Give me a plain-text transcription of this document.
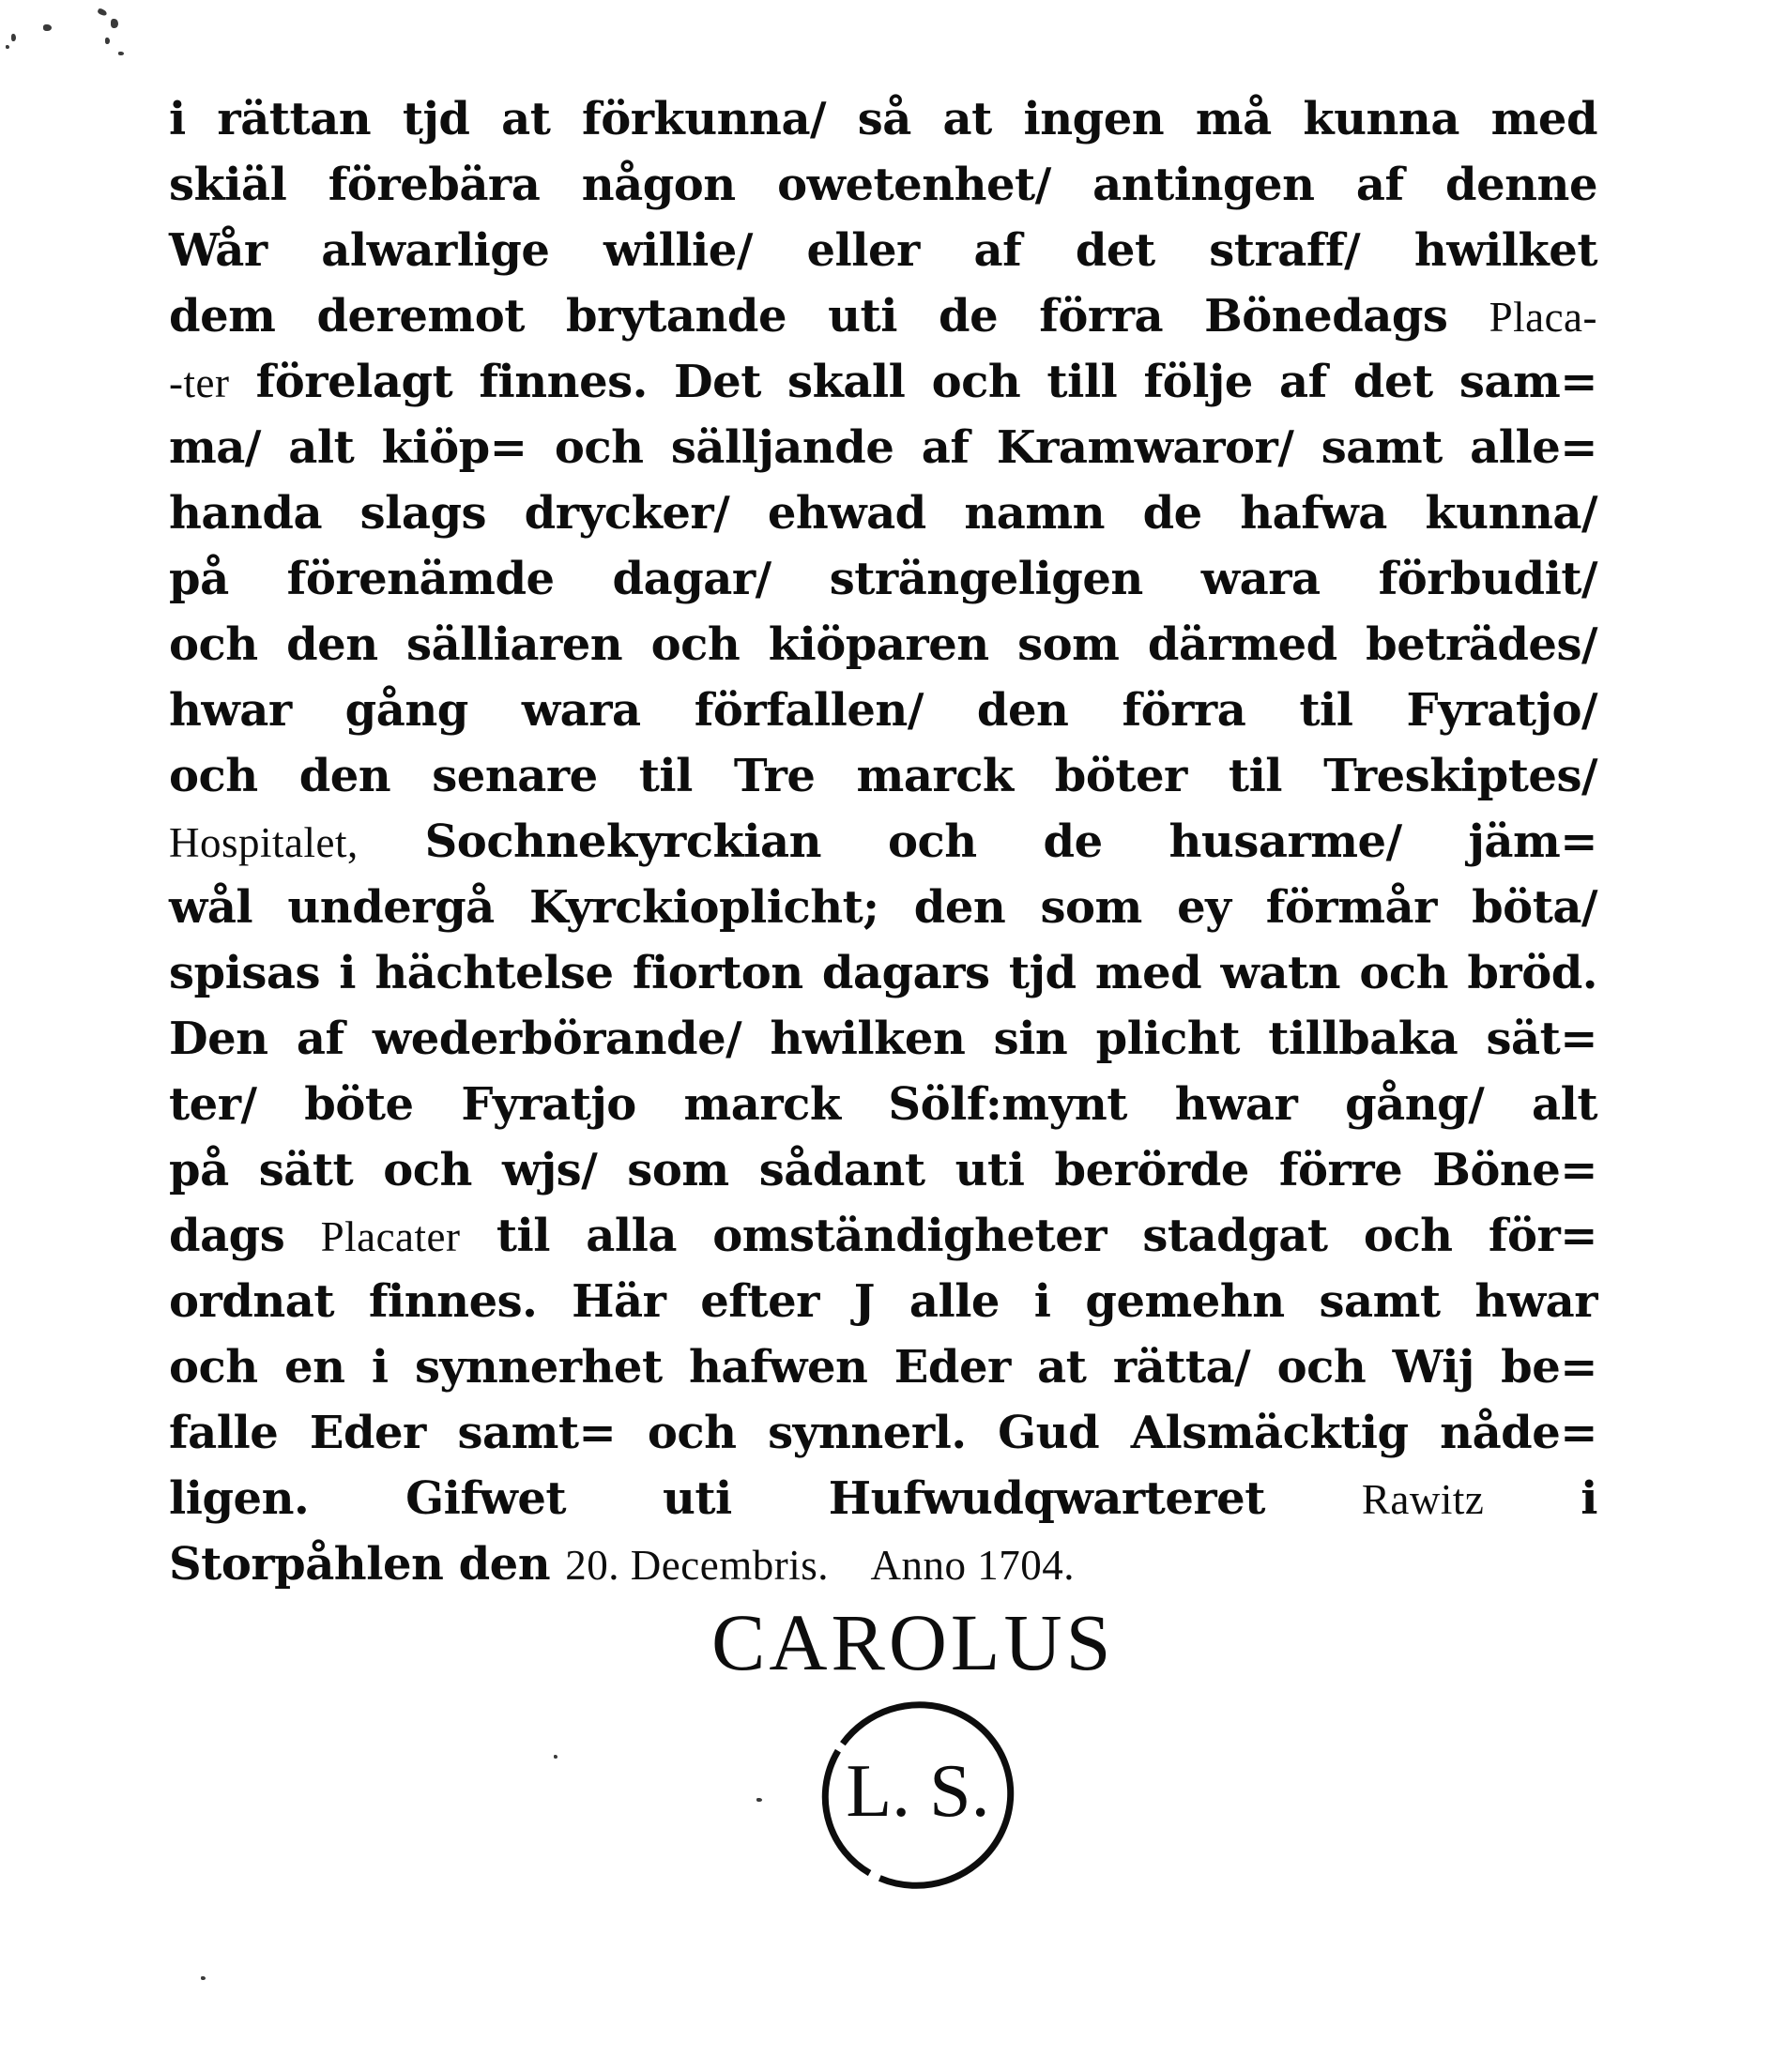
i rättan tjd at förkunna/ så at ingen må kunna med
skiäl förebära någon owetenhet/ antingen af denne
Wår alwarlige willie/ eller af det straff/ hwilket
dem deremot brytande uti de förra Bönedags Placa-
-ter förelagt finnes. Det skall och till följe af det sam=
ma/ alt kiöp= och sälljande af Kramwaror/ samt alle=
handa slags drycker/ ehwad namn de hafwa kunna/
på förenämde dagar/ strängeligen wara förbudit/
och den sälliaren och kiöparen som därmed beträdes/
hwar gång wara förfallen/ den förra til Fyratjo/
och den senare til Tre marck böter til Treskiptes/
Hospitalet, Sochnekyrckian och de husarme/ jäm=
wål undergå Kyrckioplicht; den som ey förmår böta/
spisas i hächtelse fiorton dagars tjd med watn och bröd.
Den af wederbörande/ hwilken sin plicht tillbaka sät=
ter/ böte Fyratjo marck Sölf:mynt hwar gång/ alt
på sätt och wjs/ som sådant uti berörde förre Böne=
dags Placater til alla omständigheter stadgat och för=
ordnat finnes. Här efter J alle i gemehn samt hwar
och en i synnerhet hafwen Eder at rätta/ och Wij be=
falle Eder samt= och synnerl. Gud Alsmäcktig nåde=
ligen. Gifwet uti Hufwudqwarteret Rawitz i
Storpåhlen den 20. Decembris. Anno 1704.
CAROLUS
L. S.
